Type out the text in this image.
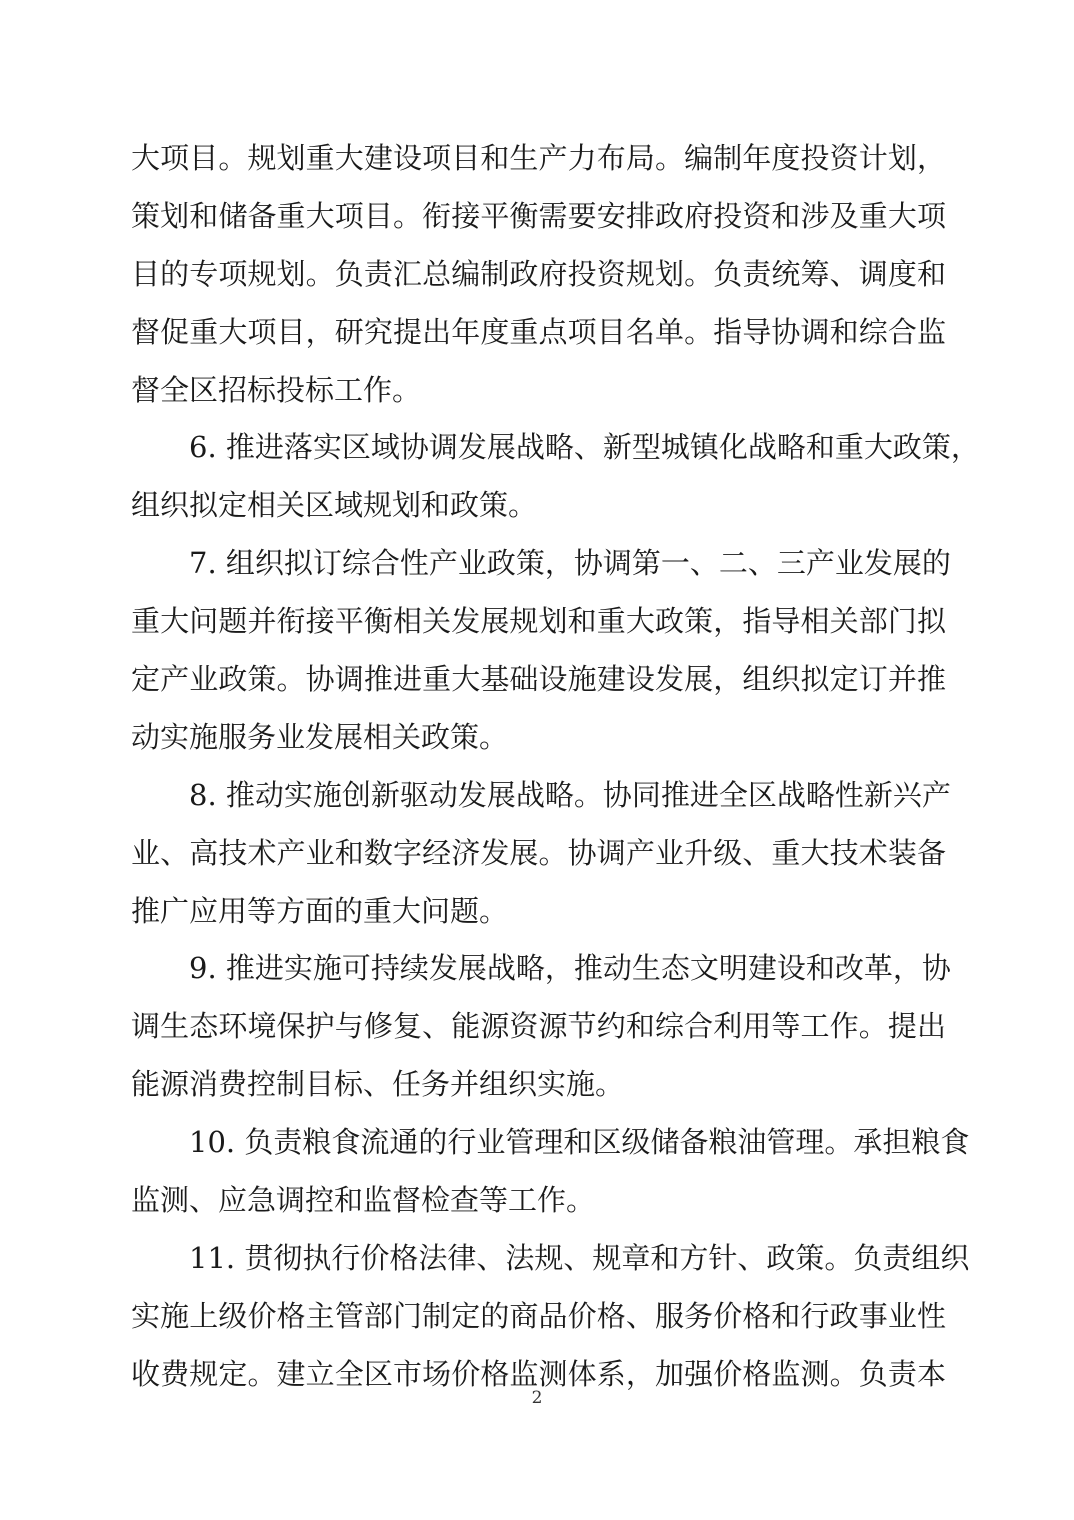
大项目。规划重大建设项目和生产力布局。编制年度投资计划，
策划和储备重大项目。衔接平衡需要安排政府投资和涉及重大项
目的专项规划。负责汇总编制政府投资规划。负责统筹、调度和
督促重大项目，研究提出年度重点项目名单。指导协调和综合监
督全区招标投标工作。
6. 推进落实区域协调发展战略、新型城镇化战略和重大政策，
组织拟定相关区域规划和政策。
7. 组织拟订综合性产业政策，协调第一、二、三产业发展的
重大问题并衔接平衡相关发展规划和重大政策，指导相关部门拟
定产业政策。协调推进重大基础设施建设发展，组织拟定订并推
动实施服务业发展相关政策。
8. 推动实施创新驱动发展战略。协同推进全区战略性新兴产
业、高技术产业和数字经济发展。协调产业升级、重大技术装备
推广应用等方面的重大问题。
9. 推进实施可持续发展战略，推动生态文明建设和改革，协
调生态环境保护与修复、能源资源节约和综合利用等工作。提出
能源消费控制目标、任务并组织实施。
10. 负责粮食流通的行业管理和区级储备粮油管理。承担粮食
监测、应急调控和监督检查等工作。
11. 贯彻执行价格法律、法规、规章和方针、政策。负责组织
实施上级价格主管部门制定的商品价格、服务价格和行政事业性
收费规定。建立全区市场价格监测体系，加强价格监测。负责本
2
